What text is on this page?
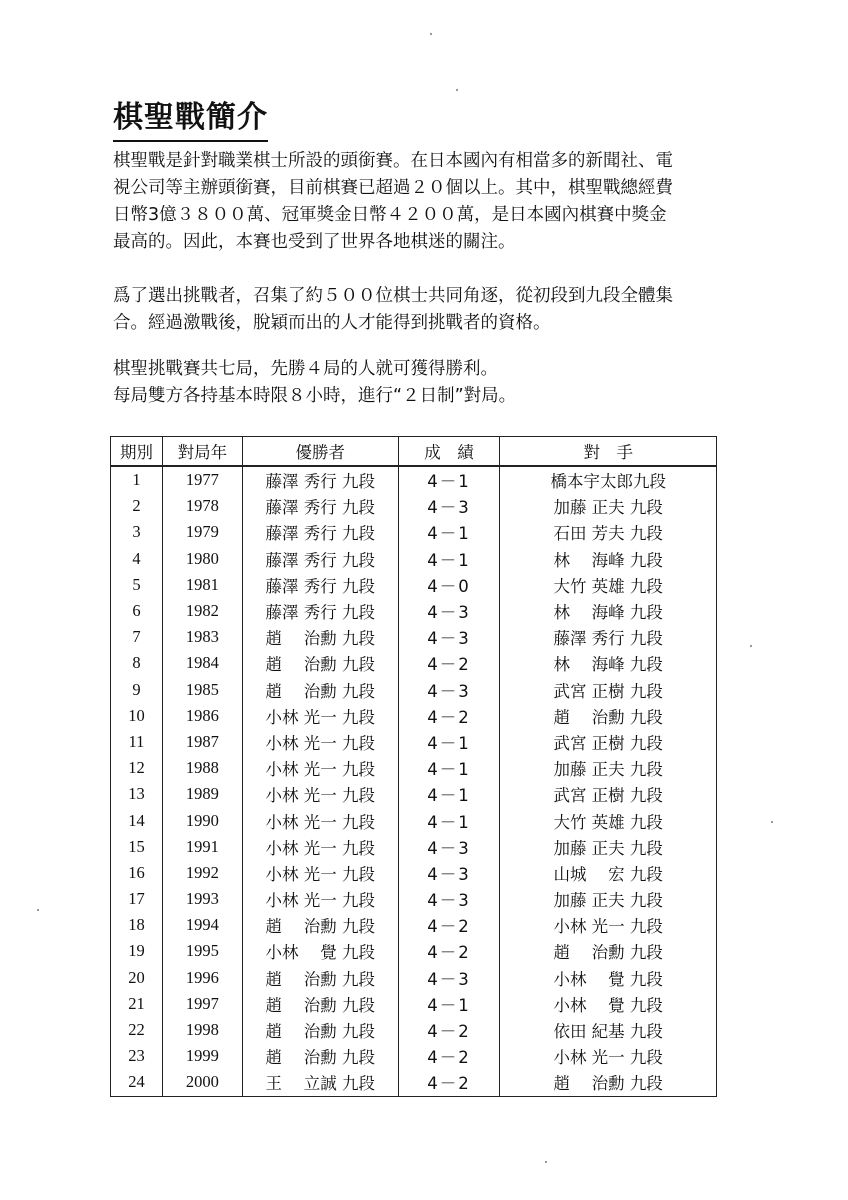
棋聖戰簡介
棋聖戰是針對職業棋士所設的頭銜賽。在日本國內有相當多的新聞社、電
視公司等主辦頭銜賽，目前棋賽已超過２０個以上。其中，棋聖戰總經費
日幣3億３８００萬、冠軍獎金日幣４２００萬，是日本國內棋賽中獎金
最高的。因此，本賽也受到了世界各地棋迷的關注。
爲了選出挑戰者，召集了約５００位棋士共同角逐，從初段到九段全體集
合。經過激戰後，脫穎而出的人才能得到挑戰者的資格。
棋聖挑戰賽共七局，先勝４局的人就可獲得勝利。
每局雙方各持基本時限８小時，進行“２日制”對局。
期別	對局年	優勝者	成　績	對　手
1	1977	藤澤 秀行 九段	4－1	橋本宇太郎九段
2	1978	藤澤 秀行 九段	4－3	加藤 正夫 九段
3	1979	藤澤 秀行 九段	4－1	石田 芳夫 九段
4	1980	藤澤 秀行 九段	4－1	林　 海峰 九段
5	1981	藤澤 秀行 九段	4－0	大竹 英雄 九段
6	1982	藤澤 秀行 九段	4－3	林　 海峰 九段
7	1983	趙　 治勳 九段	4－3	藤澤 秀行 九段
8	1984	趙　 治勳 九段	4－2	林　 海峰 九段
9	1985	趙　 治勳 九段	4－3	武宮 正樹 九段
10	1986	小林 光一 九段	4－2	趙　 治勳 九段
11	1987	小林 光一 九段	4－1	武宮 正樹 九段
12	1988	小林 光一 九段	4－1	加藤 正夫 九段
13	1989	小林 光一 九段	4－1	武宮 正樹 九段
14	1990	小林 光一 九段	4－1	大竹 英雄 九段
15	1991	小林 光一 九段	4－3	加藤 正夫 九段
16	1992	小林 光一 九段	4－3	山城　 宏 九段
17	1993	小林 光一 九段	4－3	加藤 正夫 九段
18	1994	趙　 治勳 九段	4－2	小林 光一 九段
19	1995	小林　 覺 九段	4－2	趙　 治勳 九段
20	1996	趙　 治勳 九段	4－3	小林　 覺 九段
21	1997	趙　 治勳 九段	4－1	小林　 覺 九段
22	1998	趙　 治勳 九段	4－2	依田 紀基 九段
23	1999	趙　 治勳 九段	4－2	小林 光一 九段
24	2000	王　 立誠 九段	4－2	趙　 治勳 九段
